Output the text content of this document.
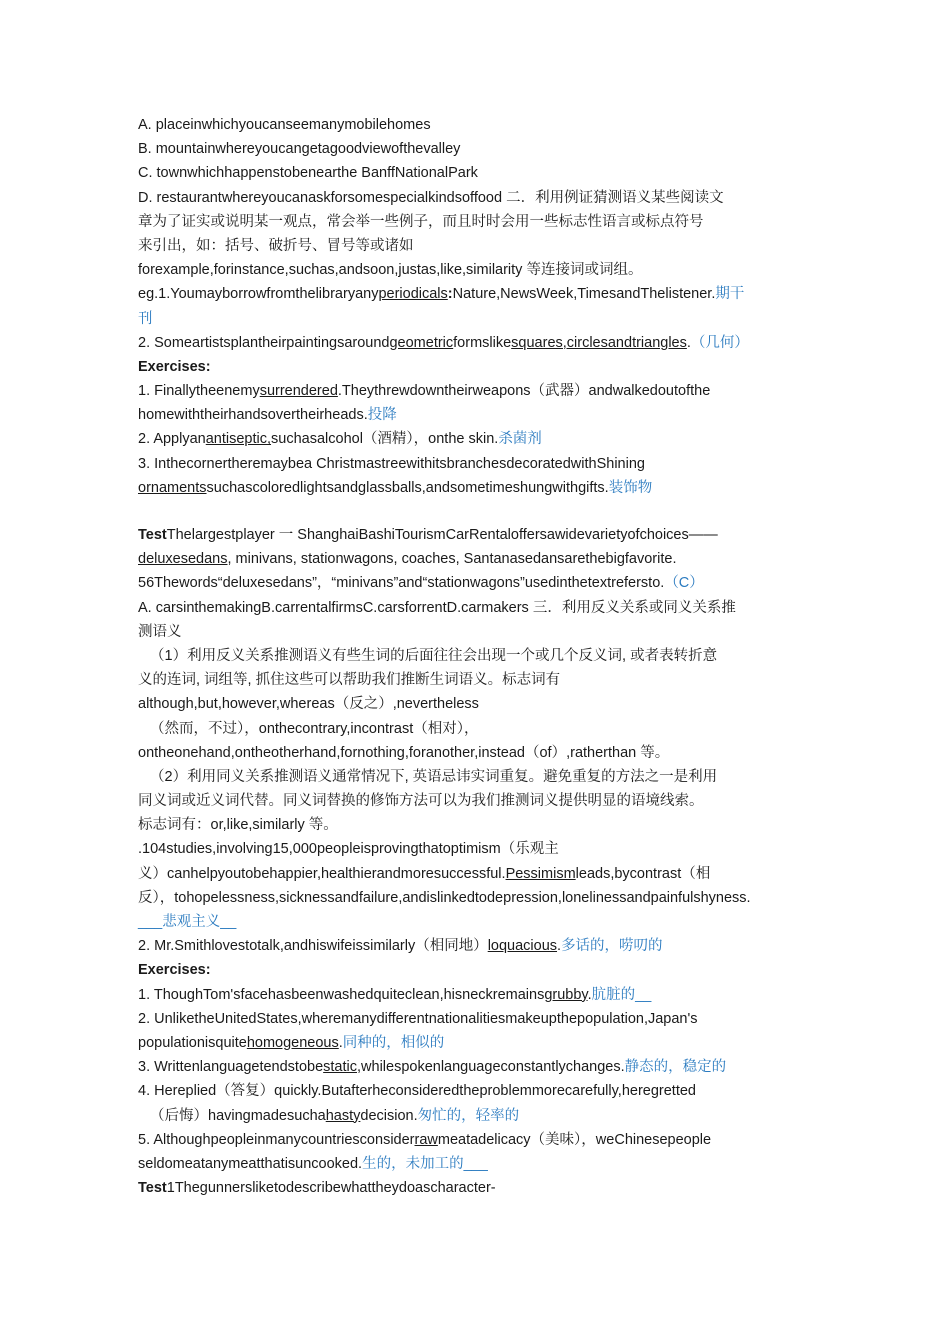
A. placeinwhichyoucanseemanymobilehomes
B. mountainwhereyoucangetagoodviewofthevalley
C. townwhichhappenstobenearthe BanffNationalPark
D. restaurantwhereyoucanaskforsomespecialkindsoffood 二．利用例证猜测语义某些阅读文
章为了证实或说明某一观点，常会举一些例子，而且时时会用一些标志性语言或标点符号
来引出，如：括号、破折号、冒号等或诸如
forexample,forinstance,suchas,andsoon,justas,like,similarity 等连接词或词组。
eg.1.Youmayborrowfromthelibraryanyperiodicals:Nature,NewsWeek,TimesandThelistener.期干
刊
2. Someartistsplantheirpaintingsaroundgeometricformslikesquares,circlesandtriangles.（几何）
Exercises:
1. Finallytheenemysurrendered.Theythrewdowntheirweapons（武器）andwalkedoutofthe
homewiththeirhandsovertheirheads.投降
2. Applyanantiseptic,suchasalcohol（酒精），onthe skin.杀菌剂
3. Inthecornertheremaybea ChristmastreewithitsbranchesdecoratedwithShining
ornamentssuchascoloredlightsandglassballs,andsometimeshungwithgifts.装饰物
TestThelargestplayer 一 ShanghaiBashiTourismCarRentaloffersawidevarietyofchoices——
deluxesedans, minivans, stationwagons, coaches, Santanasedansarethebigfavorite.
56Thewords“deluxesedans”，“minivans”and“stationwagons”usedinthetextrefersto.（C）
A. carsinthemakingB.carrentalfirmsC.carsforrentD.carmakers 三．利用反义关系或同义关系推
测语义
（1）利用反义关系推测语义有些生词的后面往往会出现一个或几个反义词, 或者表转折意
义的连词, 词组等, 抓住这些可以帮助我们推断生词语义。标志词有
although,but,however,whereas（反之）,nevertheless
（然而，不过），onthecontrary,incontrast（相对），
ontheonehand,ontheotherhand,fornothing,foranother,instead（of）,ratherthan 等。
（2）利用同义关系推测语义通常情况下, 英语忌讳实词重复。避免重复的方法之一是利用
同义词或近义词代替。同义词替换的修饰方法可以为我们推测词义提供明显的语境线索。
标志词有：or,like,similarly 等。
.104studies,involving15,000peopleisprovingthatoptimism（乐观主
义）canhelpyoutobehappier,healthierandmoresuccessful.Pessimismleads,bycontrast（相
反），tohopelessness,sicknessandfailure,andislinkedtodepression,lonelinessandpainfulshyness.
___悲观主义__
2. Mr.Smithlovestotalk,andhiswifeissimilarly（相同地）loquacious.多话的，唠叨的
Exercises:
1. ThoughTom'sfacehasbeenwashedquiteclean,hisneckremainsgrubby.肮脏的__
2. UnliketheUnitedStates,wheremanydifferentnationalitiesmakeupthepopulation,Japan's
populationisquitehomogeneous.同种的，相似的
3. Writtenlanguagetendstobestatic,whilespokenlanguageconstantlychanges.静态的，稳定的
4. Hereplied（答复）quickly.Butafterheconsideredtheproblemmorecarefully,heregretted
（后悔）havingmadesuchahastydecision.匆忙的，轻率的
5. Althoughpeopleinmanycountriesconsiderrawmeatadelicacy（美味），weChinesepeople
seldomeatanymeatthatisuncooked.生的，未加工的___
Test1Thegunnersliketodescribewhattheydoascharacter-
